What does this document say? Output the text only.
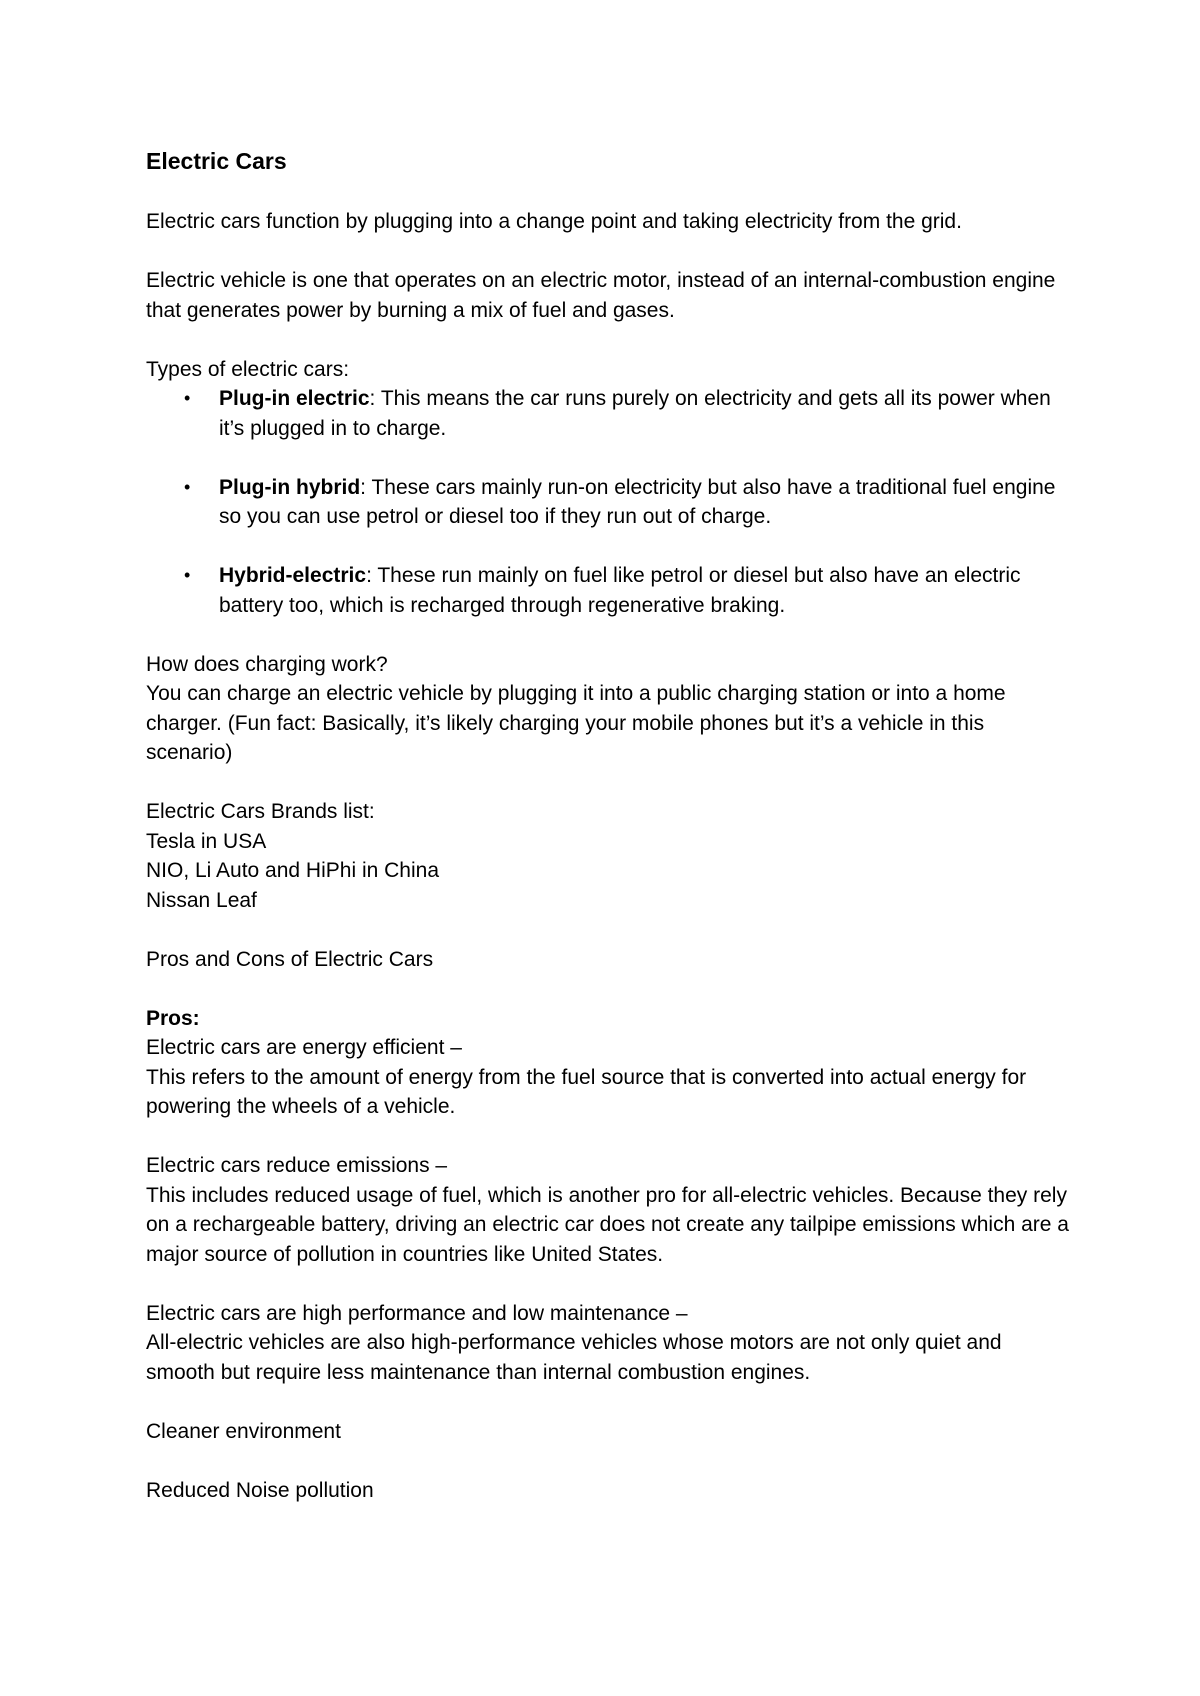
Electric Cars

Electric cars function by plugging into a change point and taking electricity from the grid.

Electric vehicle is one that operates on an electric motor, instead of an internal-combustion engine that generates power by burning a mix of fuel and gases.

Types of electric cars:

• Plug-in electric: This means the car runs purely on electricity and gets all its power when it’s plugged in to charge.
• Plug-in hybrid: These cars mainly run-on electricity but also have a traditional fuel engine so you can use petrol or diesel too if they run out of charge.
• Hybrid-electric: These run mainly on fuel like petrol or diesel but also have an electric battery too, which is recharged through regenerative braking.

How does charging work?

You can charge an electric vehicle by plugging it into a public charging station or into a home charger. (Fun fact: Basically, it’s likely charging your mobile phones but it’s a vehicle in this scenario)

Electric Cars Brands list:

Tesla in USA

NIO, Li Auto and HiPhi in China

Nissan Leaf

Pros and Cons of Electric Cars

Pros:

Electric cars are energy efficient –

This refers to the amount of energy from the fuel source that is converted into actual energy for powering the wheels of a vehicle.

Electric cars reduce emissions –

This includes reduced usage of fuel, which is another pro for all-electric vehicles. Because they rely on a rechargeable battery, driving an electric car does not create any tailpipe emissions which are a major source of pollution in countries like United States.

Electric cars are high performance and low maintenance –

All-electric vehicles are also high-performance vehicles whose motors are not only quiet and smooth but require less maintenance than internal combustion engines.

Cleaner environment

Reduced Noise pollution
